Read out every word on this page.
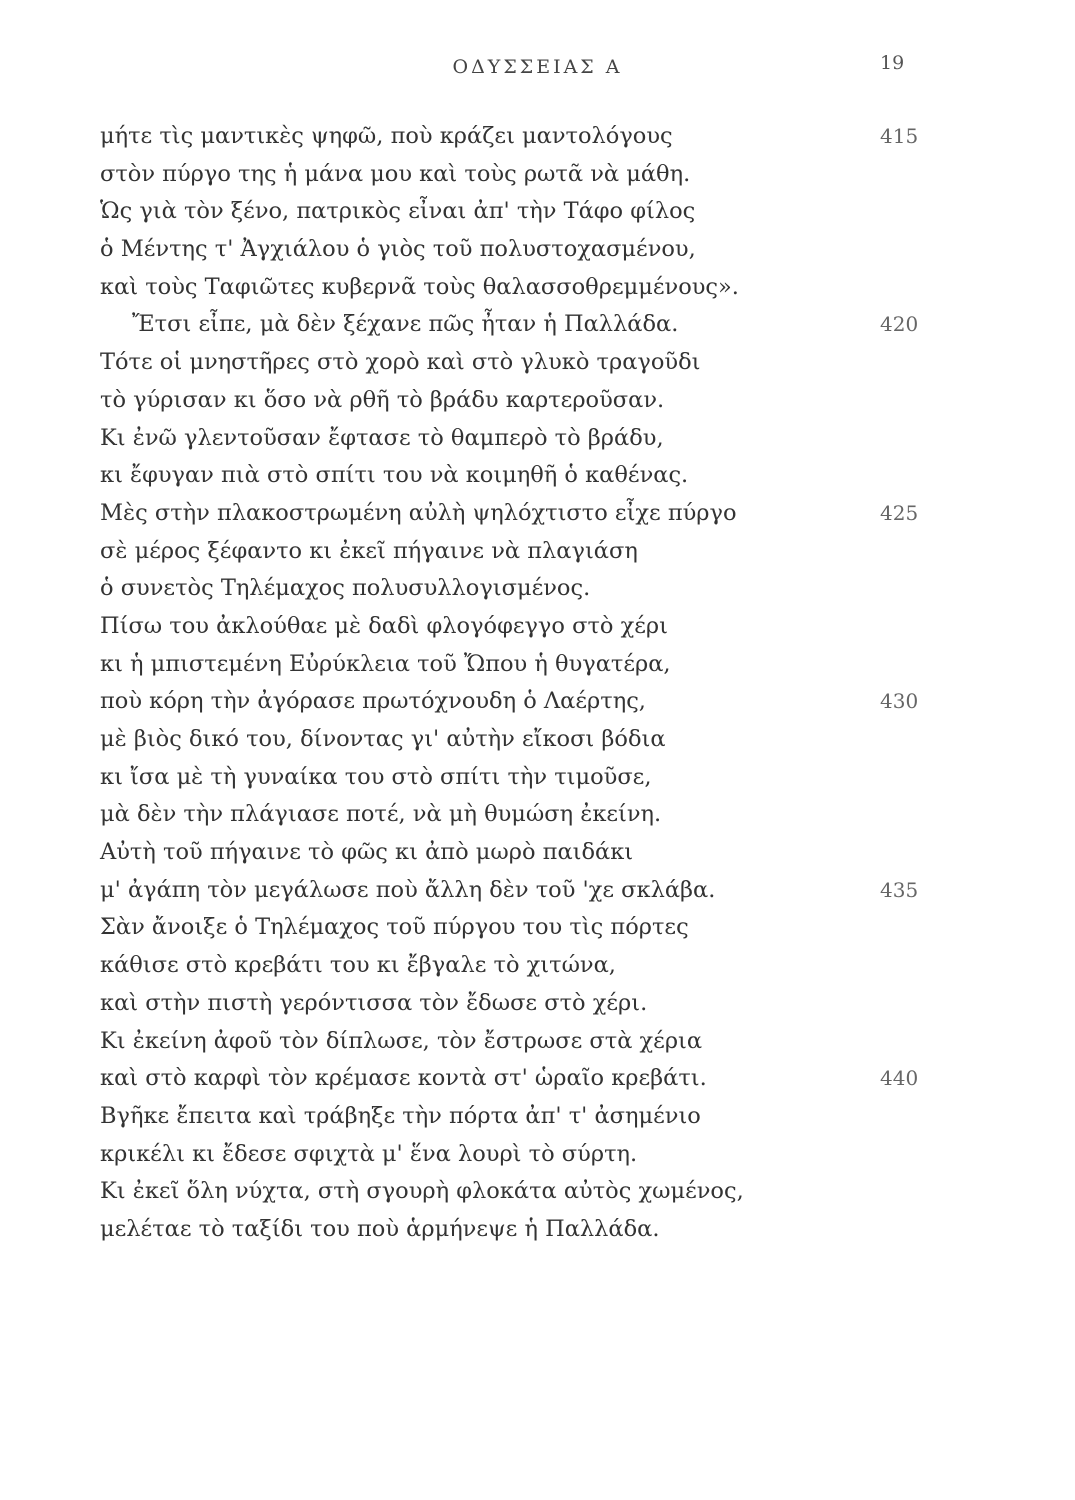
ΟΔΥΣΣΕΙΑΣ Α	19
μήτε τὶς μαντικὲς ψηφῶ, ποὺ κράζει μαντολόγους	415
στὸν πύργο της ἡ μάνα μου καὶ τοὺς ρωτᾶ νὰ μάθη.
Ὡς γιὰ τὸν ξένο, πατρικὸς εἶναι ἀπ' τὴν Τάφο φίλος
ὁ Μέντης τ' Ἀγχιάλου ὁ γιὸς τοῦ πολυστοχασμένου,
καὶ τοὺς Ταφιῶτες κυβερνᾶ τοὺς θαλασσοθρεμμένους».
Ἔτσι εἶπε, μὰ δὲν ξέχανε πῶς ἦταν ἡ Παλλάδα.	420
Τότε οἱ μνηστῆρες στὸ χορὸ καὶ στὸ γλυκὸ τραγοῦδι
τὸ γύρισαν κι ὅσο νὰ ρθῆ τὸ βράδυ καρτεροῦσαν.
Κι ἐνῶ γλεντοῦσαν ἔφτασε τὸ θαμπερὸ τὸ βράδυ,
κι ἔφυγαν πιὰ στὸ σπίτι του νὰ κοιμηθῆ ὁ καθένας.
Μὲς στὴν πλακοστρωμένη αὐλὴ ψηλόχτιστο εἶχε πύργο	425
σὲ μέρος ξέφαντο κι ἐκεῖ πήγαινε νὰ πλαγιάση
ὁ συνετὸς Τηλέμαχος πολυσυλλογισμένος.
Πίσω του ἀκλούθαε μὲ δαδὶ φλογόφεγγο στὸ χέρι
κι ἡ μπιστεμένη Εὐρύκλεια τοῦ Ὤπου ἡ θυγατέρα,
ποὺ κόρη τὴν ἀγόρασε πρωτόχνουδη ὁ Λαέρτης,	430
μὲ βιὸς δικό του, δίνοντας γι' αὐτὴν εἴκοσι βόδια
κι ἴσα μὲ τὴ γυναίκα του στὸ σπίτι τὴν τιμοῦσε,
μὰ δὲν τὴν πλάγιασε ποτέ, νὰ μὴ θυμώση ἐκείνη.
Αὐτὴ τοῦ πήγαινε τὸ φῶς κι ἀπὸ μωρὸ παιδάκι
μ' ἀγάπη τὸν μεγάλωσε ποὺ ἄλλη δὲν τοῦ 'χε σκλάβα.	435
Σὰν ἄνοιξε ὁ Τηλέμαχος τοῦ πύργου του τὶς πόρτες
κάθισε στὸ κρεβάτι του κι ἔβγαλε τὸ χιτώνα,
καὶ στὴν πιστὴ γερόντισσα τὸν ἔδωσε στὸ χέρι.
Κι ἐκείνη ἀφοῦ τὸν δίπλωσε, τὸν ἔστρωσε στὰ χέρια
καὶ στὸ καρφὶ τὸν κρέμασε κοντὰ στ' ὡραῖο κρεβάτι.	440
Βγῆκε ἔπειτα καὶ τράβηξε τὴν πόρτα ἀπ' τ' ἀσημένιο
κρικέλι κι ἔδεσε σφιχτὰ μ' ἕνα λουρὶ τὸ σύρτη.
Κι ἐκεῖ ὅλη νύχτα, στὴ σγουρὴ φλοκάτα αὐτὸς χωμένος,
μελέταε τὸ ταξίδι του ποὺ ἁρμήνεψε ἡ Παλλάδα.
